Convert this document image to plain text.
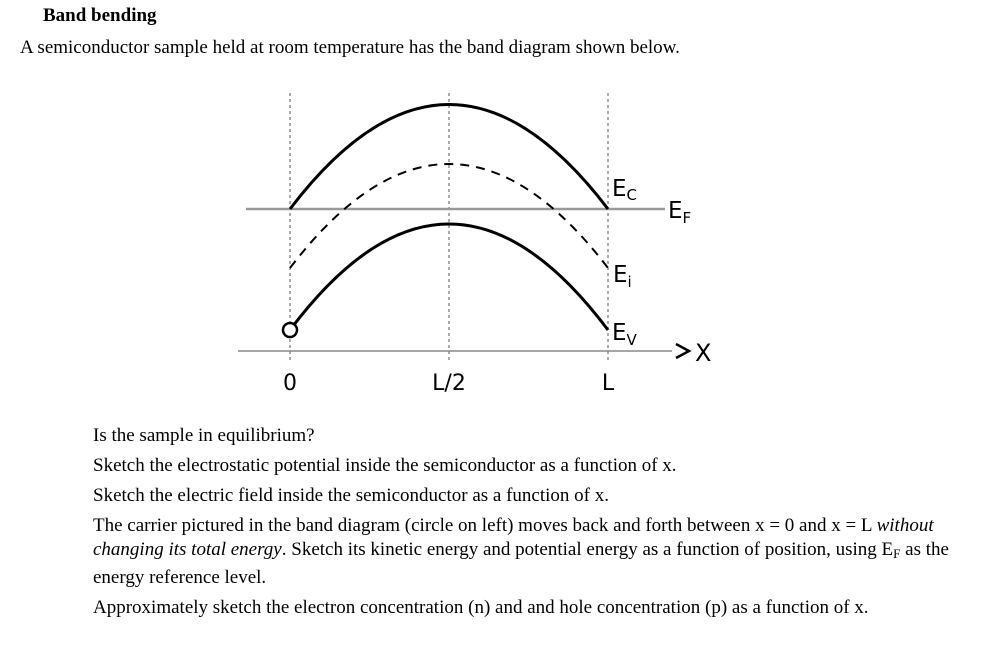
Band bending
A semiconductor sample held at room temperature has the band diagram shown below.
X
EC
$E_F$
$E_i$
$E_V$
0	L/2	L

Is the sample in equilibrium?

Sketch the electrostatic potential inside the semiconductor as a function of x.

Sketch the electric field inside the semiconductor as a function of x.

The carrier pictured in the band diagram (circle on left) moves back and forth between x = 0 and x = L without changing its total energy. Sketch its kinetic energy and potential energy as a function of position, using $E_F$ as the energy reference level.

Approximately sketch the electron concentration (n) and and hole concentration (p) as a function of x.
